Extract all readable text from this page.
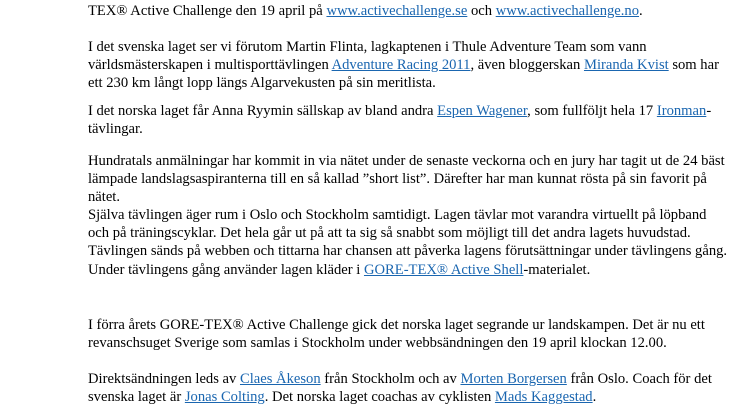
TEX® Active Challenge den 19 april på www.activechallenge.se och www.activechallenge.no.

I det svenska laget ser vi förutom Martin Flinta, lagkaptenen i Thule Adventure Team som vann världsmästerskapen i multisporttävlingen Adventure Racing 2011, även bloggerskan Miranda Kvist som har ett 230 km långt lopp längs Algarvekusten på sin meritlista.

I det norska laget får Anna Ryymin sällskap av bland andra Espen Wagener, som fullföljt hela 17 Ironman-tävlingar.

Hundratals anmälningar har kommit in via nätet under de senaste veckorna och en jury har tagit ut de 24 bäst lämpade landslagsaspiranterna till en så kallad ”short list”. Därefter har man kunnat rösta på sin favorit på nätet.

Själva tävlingen äger rum i Oslo och Stockholm samtidigt. Lagen tävlar mot varandra virtuellt på löpband och på träningscyklar. Det hela går ut på att ta sig så snabbt som möjligt till det andra lagets huvudstad. Tävlingen sänds på webben och tittarna har chansen att påverka lagens förutsättningar under tävlingens gång. Under tävlingens gång använder lagen kläder i GORE-TEX® Active Shell-materialet.

I förra årets GORE-TEX® Active Challenge gick det norska laget segrande ur landskampen. Det är nu ett revanschsuget Sverige som samlas i Stockholm under webbsändningen den 19 april klockan 12.00.

Direktsändningen leds av Claes Åkeson från Stockholm och av Morten Borgersen från Oslo. Coach för det svenska laget är Jonas Colting. Det norska laget coachas av cyklisten Mads Kaggestad.
